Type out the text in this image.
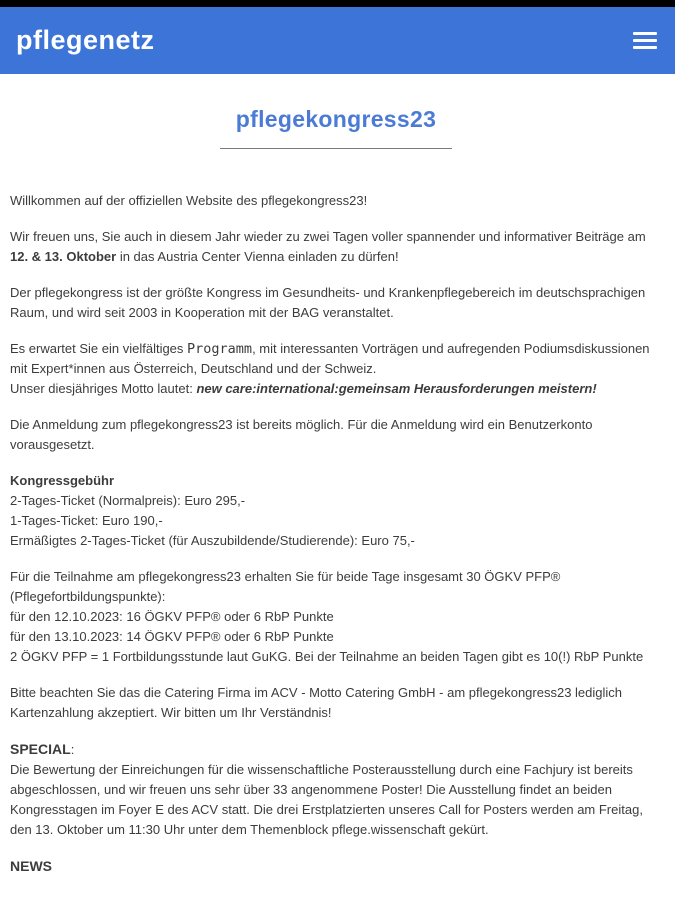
pflegenetz
pflegekongress23

Willkommen auf der offiziellen Website des pflegekongress23!

Wir freuen uns, Sie auch in diesem Jahr wieder zu zwei Tagen voller spannender und informativer Beiträge am 12. & 13. Oktober in das Austria Center Vienna einladen zu dürfen!

Der pflegekongress ist der größte Kongress im Gesundheits- und Krankenpflegebereich im deutschsprachigen Raum, und wird seit 2003 in Kooperation mit der BAG veranstaltet.

Es erwartet Sie ein vielfältiges Programm, mit interessanten Vorträgen und aufregenden Podiumsdiskussionen mit Expert*innen aus Österreich, Deutschland und der Schweiz.
Unser diesjähriges Motto lautet: new care:international:gemeinsam Herausforderungen meistern!

Die Anmeldung zum pflegekongress23 ist bereits möglich. Für die Anmeldung wird ein Benutzerkonto vorausgesetzt.

Kongressgebühr
2-Tages-Ticket (Normalpreis): Euro 295,-
1-Tages-Ticket: Euro 190,-
Ermäßigtes 2-Tages-Ticket (für Auszubildende/Studierende): Euro 75,-

Für die Teilnahme am pflegekongress23 erhalten Sie für beide Tage insgesamt 30 ÖGKV PFP® (Pflegefortbildungspunkte):
für den 12.10.2023: 16 ÖGKV PFP® oder 6 RbP Punkte
für den 13.10.2023: 14 ÖGKV PFP® oder 6 RbP Punkte
2 ÖGKV PFP = 1 Fortbildungsstunde laut GuKG. Bei der Teilnahme an beiden Tagen gibt es 10(!) RbP Punkte

Bitte beachten Sie das die Catering Firma im ACV - Motto Catering GmbH - am pflegekongress23 lediglich Kartenzahlung akzeptiert. Wir bitten um Ihr Verständnis!

SPECIAL:
Die Bewertung der Einreichungen für die wissenschaftliche Posterausstellung durch eine Fachjury ist bereits abgeschlossen, und wir freuen uns sehr über 33 angenommene Poster! Die Ausstellung findet an beiden Kongresstagen im Foyer E des ACV statt. Die drei Erstplatzierten unseres Call for Posters werden am Freitag, den 13. Oktober um 11:30 Uhr unter dem Themenblock pflege.wissenschaft gekürt.

NEWS
